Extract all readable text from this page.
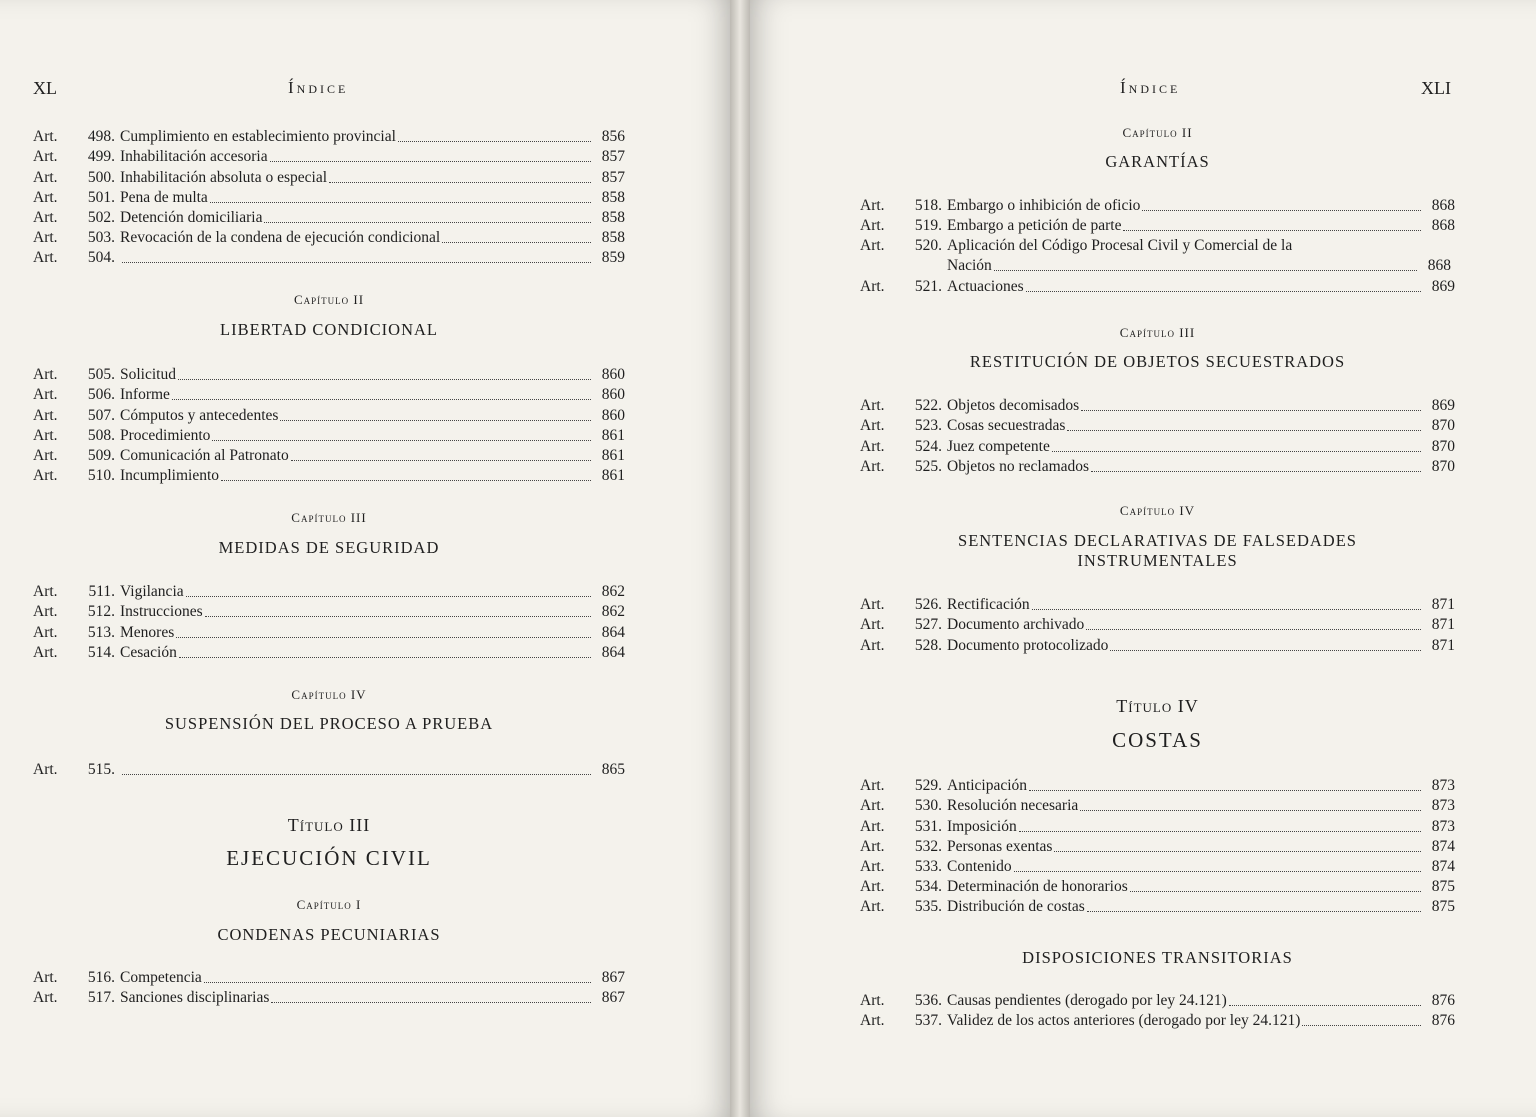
XL	Índice	Índice	XLI
Art.	498. Cumplimiento en establecimiento provincial	856
Art.	499. Inhabilitación accesoria	857
Art.	500. Inhabilitación absoluta o especial	857
Art.	501. Pena de multa	858
Art.	502. Detención domiciliaria	858
Art.	503. Revocación de la condena de ejecución condicional	858
Art.	504.	859
Capítulo II
LIBERTAD CONDICIONAL
Art.	505. Solicitud	860
Art.	506. Informe	860
Art.	507. Cómputos y antecedentes	860
Art.	508. Procedimiento	861
Art.	509. Comunicación al Patronato	861
Art.	510. Incumplimiento	861
Capítulo III
MEDIDAS DE SEGURIDAD
Art.	511. Vigilancia	862
Art.	512. Instrucciones	862
Art.	513. Menores	864
Art.	514. Cesación	864
Capítulo IV
SUSPENSIÓN DEL PROCESO A PRUEBA
Art.	515.	865
Título III
EJECUCIÓN CIVIL
Capítulo I
CONDENAS PECUNIARIAS
Art.	516. Competencia	867
Art.	517. Sanciones disciplinarias	867
Capítulo II
GARANTÍAS
Art.	518. Embargo o inhibición de oficio	868
Art.	519. Embargo a petición de parte	868
Art.	520. Aplicación del Código Procesal Civil y Comercial de la
Nación	868
Art.	521. Actuaciones	869
Capítulo III
RESTITUCIÓN DE OBJETOS SECUESTRADOS
Art.	522. Objetos decomisados	869
Art.	523. Cosas secuestradas	870
Art.	524. Juez competente	870
Art.	525. Objetos no reclamados	870
Capítulo IV
SENTENCIAS DECLARATIVAS DE FALSEDADES
INSTRUMENTALES
Art.	526. Rectificación	871
Art.	527. Documento archivado	871
Art.	528. Documento protocolizado	871
Título IV
COSTAS
Art.	529. Anticipación	873
Art.	530. Resolución necesaria	873
Art.	531. Imposición	873
Art.	532. Personas exentas	874
Art.	533. Contenido	874
Art.	534. Determinación de honorarios	875
Art.	535. Distribución de costas	875
DISPOSICIONES TRANSITORIAS
Art.	536. Causas pendientes (derogado por ley 24.121)	876
Art.	537. Validez de los actos anteriores (derogado por ley 24.121)	876
